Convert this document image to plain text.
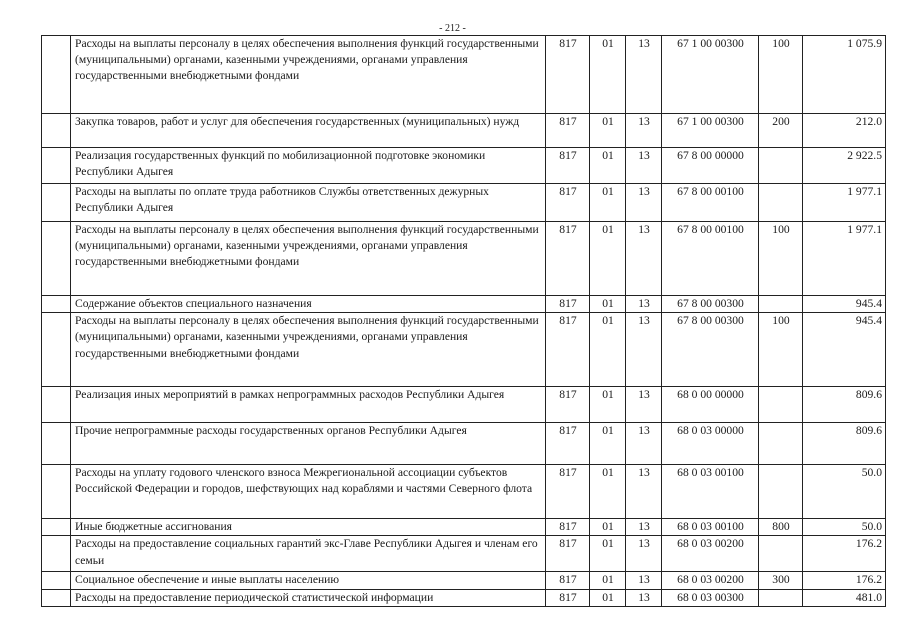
- 212 -
	Расходы на выплаты персоналу в целях обеспечения выполнения функций государственными (муниципальными) органами, казенными учреждениями, органами управления государственными внебюджетными фондами	817	01	13	67 1 00 00300	100	1 075.9
	Закупка товаров, работ и услуг для обеспечения государственных (муниципальных) нужд	817	01	13	67 1 00 00300	200	212.0
	Реализация государственных функций по мобилизационной подготовке экономики Республики Адыгея	817	01	13	67 8 00 00000		2 922.5
	Расходы на выплаты по оплате труда работников Службы ответственных дежурных Республики Адыгея	817	01	13	67 8 00 00100		1 977.1
	Расходы на выплаты персоналу в целях обеспечения выполнения функций государственными (муниципальными) органами, казенными учреждениями, органами управления государственными внебюджетными фондами	817	01	13	67 8 00 00100	100	1 977.1
	Содержание объектов специального назначения	817	01	13	67 8 00 00300		945.4
	Расходы на выплаты персоналу в целях обеспечения выполнения функций государственными (муниципальными) органами, казенными учреждениями, органами управления государственными внебюджетными фондами	817	01	13	67 8 00 00300	100	945.4
	Реализация иных мероприятий в рамках непрограммных расходов Республики Адыгея	817	01	13	68 0 00 00000		809.6
	Прочие непрограммные расходы государственных органов Республики Адыгея	817	01	13	68 0 03 00000		809.6
	Расходы на уплату годового членского взноса Межрегиональной ассоциации субъектов Российской Федерации и городов, шефствующих над кораблями и частями Северного флота	817	01	13	68 0 03 00100		50.0
	Иные бюджетные ассигнования	817	01	13	68 0 03 00100	800	50.0
	Расходы на предоставление социальных гарантий экс-Главе Республики Адыгея и членам его семьи	817	01	13	68 0 03 00200		176.2
	Социальное обеспечение и иные выплаты населению	817	01	13	68 0 03 00200	300	176.2
	Расходы на предоставление периодической статистической информации	817	01	13	68 0 03 00300		481.0
